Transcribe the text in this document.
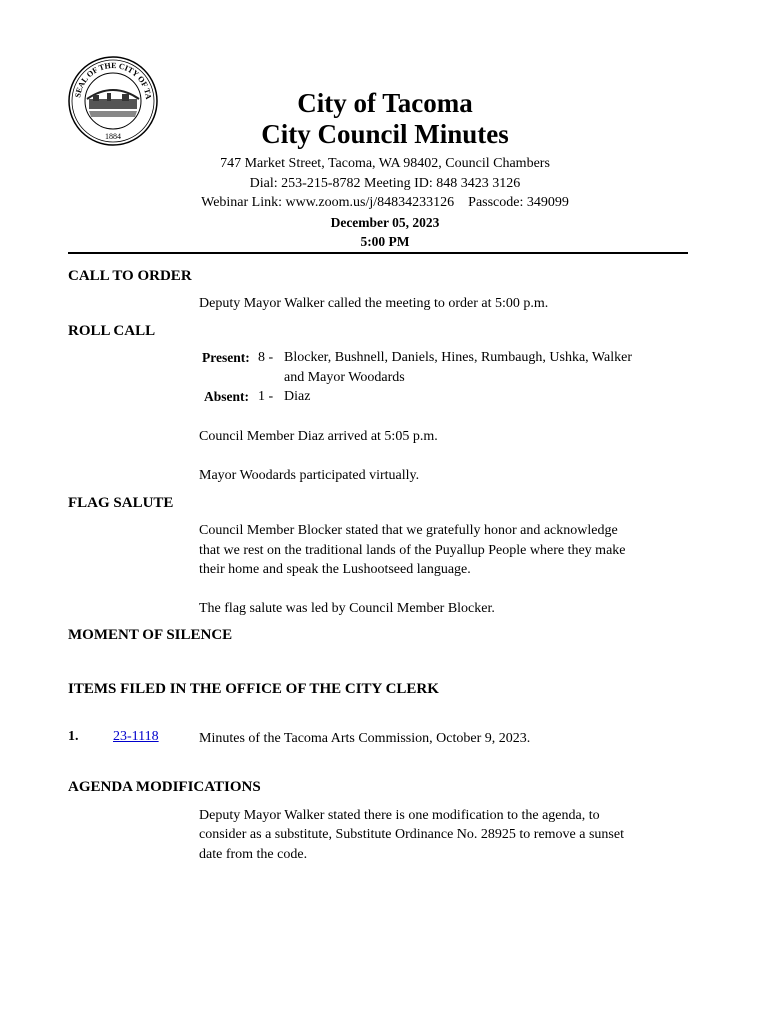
SEAL OF THE CITY OF TA
1884
City of Tacoma
City Council Minutes
747 Market Street, Tacoma, WA 98402, Council Chambers
Dial: 253-215-8782 Meeting ID: 848 3423 3126
Webinar Link: www.zoom.us/j/84834233126    Passcode: 349099
December 05, 2023
5:00 PM
CALL TO ORDER
Deputy Mayor Walker called the meeting to order at 5:00 p.m.
ROLL CALL
Present: 8 - Blocker, Bushnell, Daniels, Hines, Rumbaugh, Ushka, Walker
and Mayor Woodards
Absent: 1 - Diaz
Council Member Diaz arrived at 5:05 p.m.
Mayor Woodards participated virtually.
FLAG SALUTE
Council Member Blocker stated that we gratefully honor and acknowledge
that we rest on the traditional lands of the Puyallup People where they make
their home and speak the Lushootseed language.
The flag salute was led by Council Member Blocker.
MOMENT OF SILENCE
ITEMS FILED IN THE OFFICE OF THE CITY CLERK
1. 23-1118	Minutes of the Tacoma Arts Commission, October 9, 2023.
AGENDA MODIFICATIONS
Deputy Mayor Walker stated there is one modification to the agenda, to
consider as a substitute, Substitute Ordinance No. 28925 to remove a sunset
date from the code.
